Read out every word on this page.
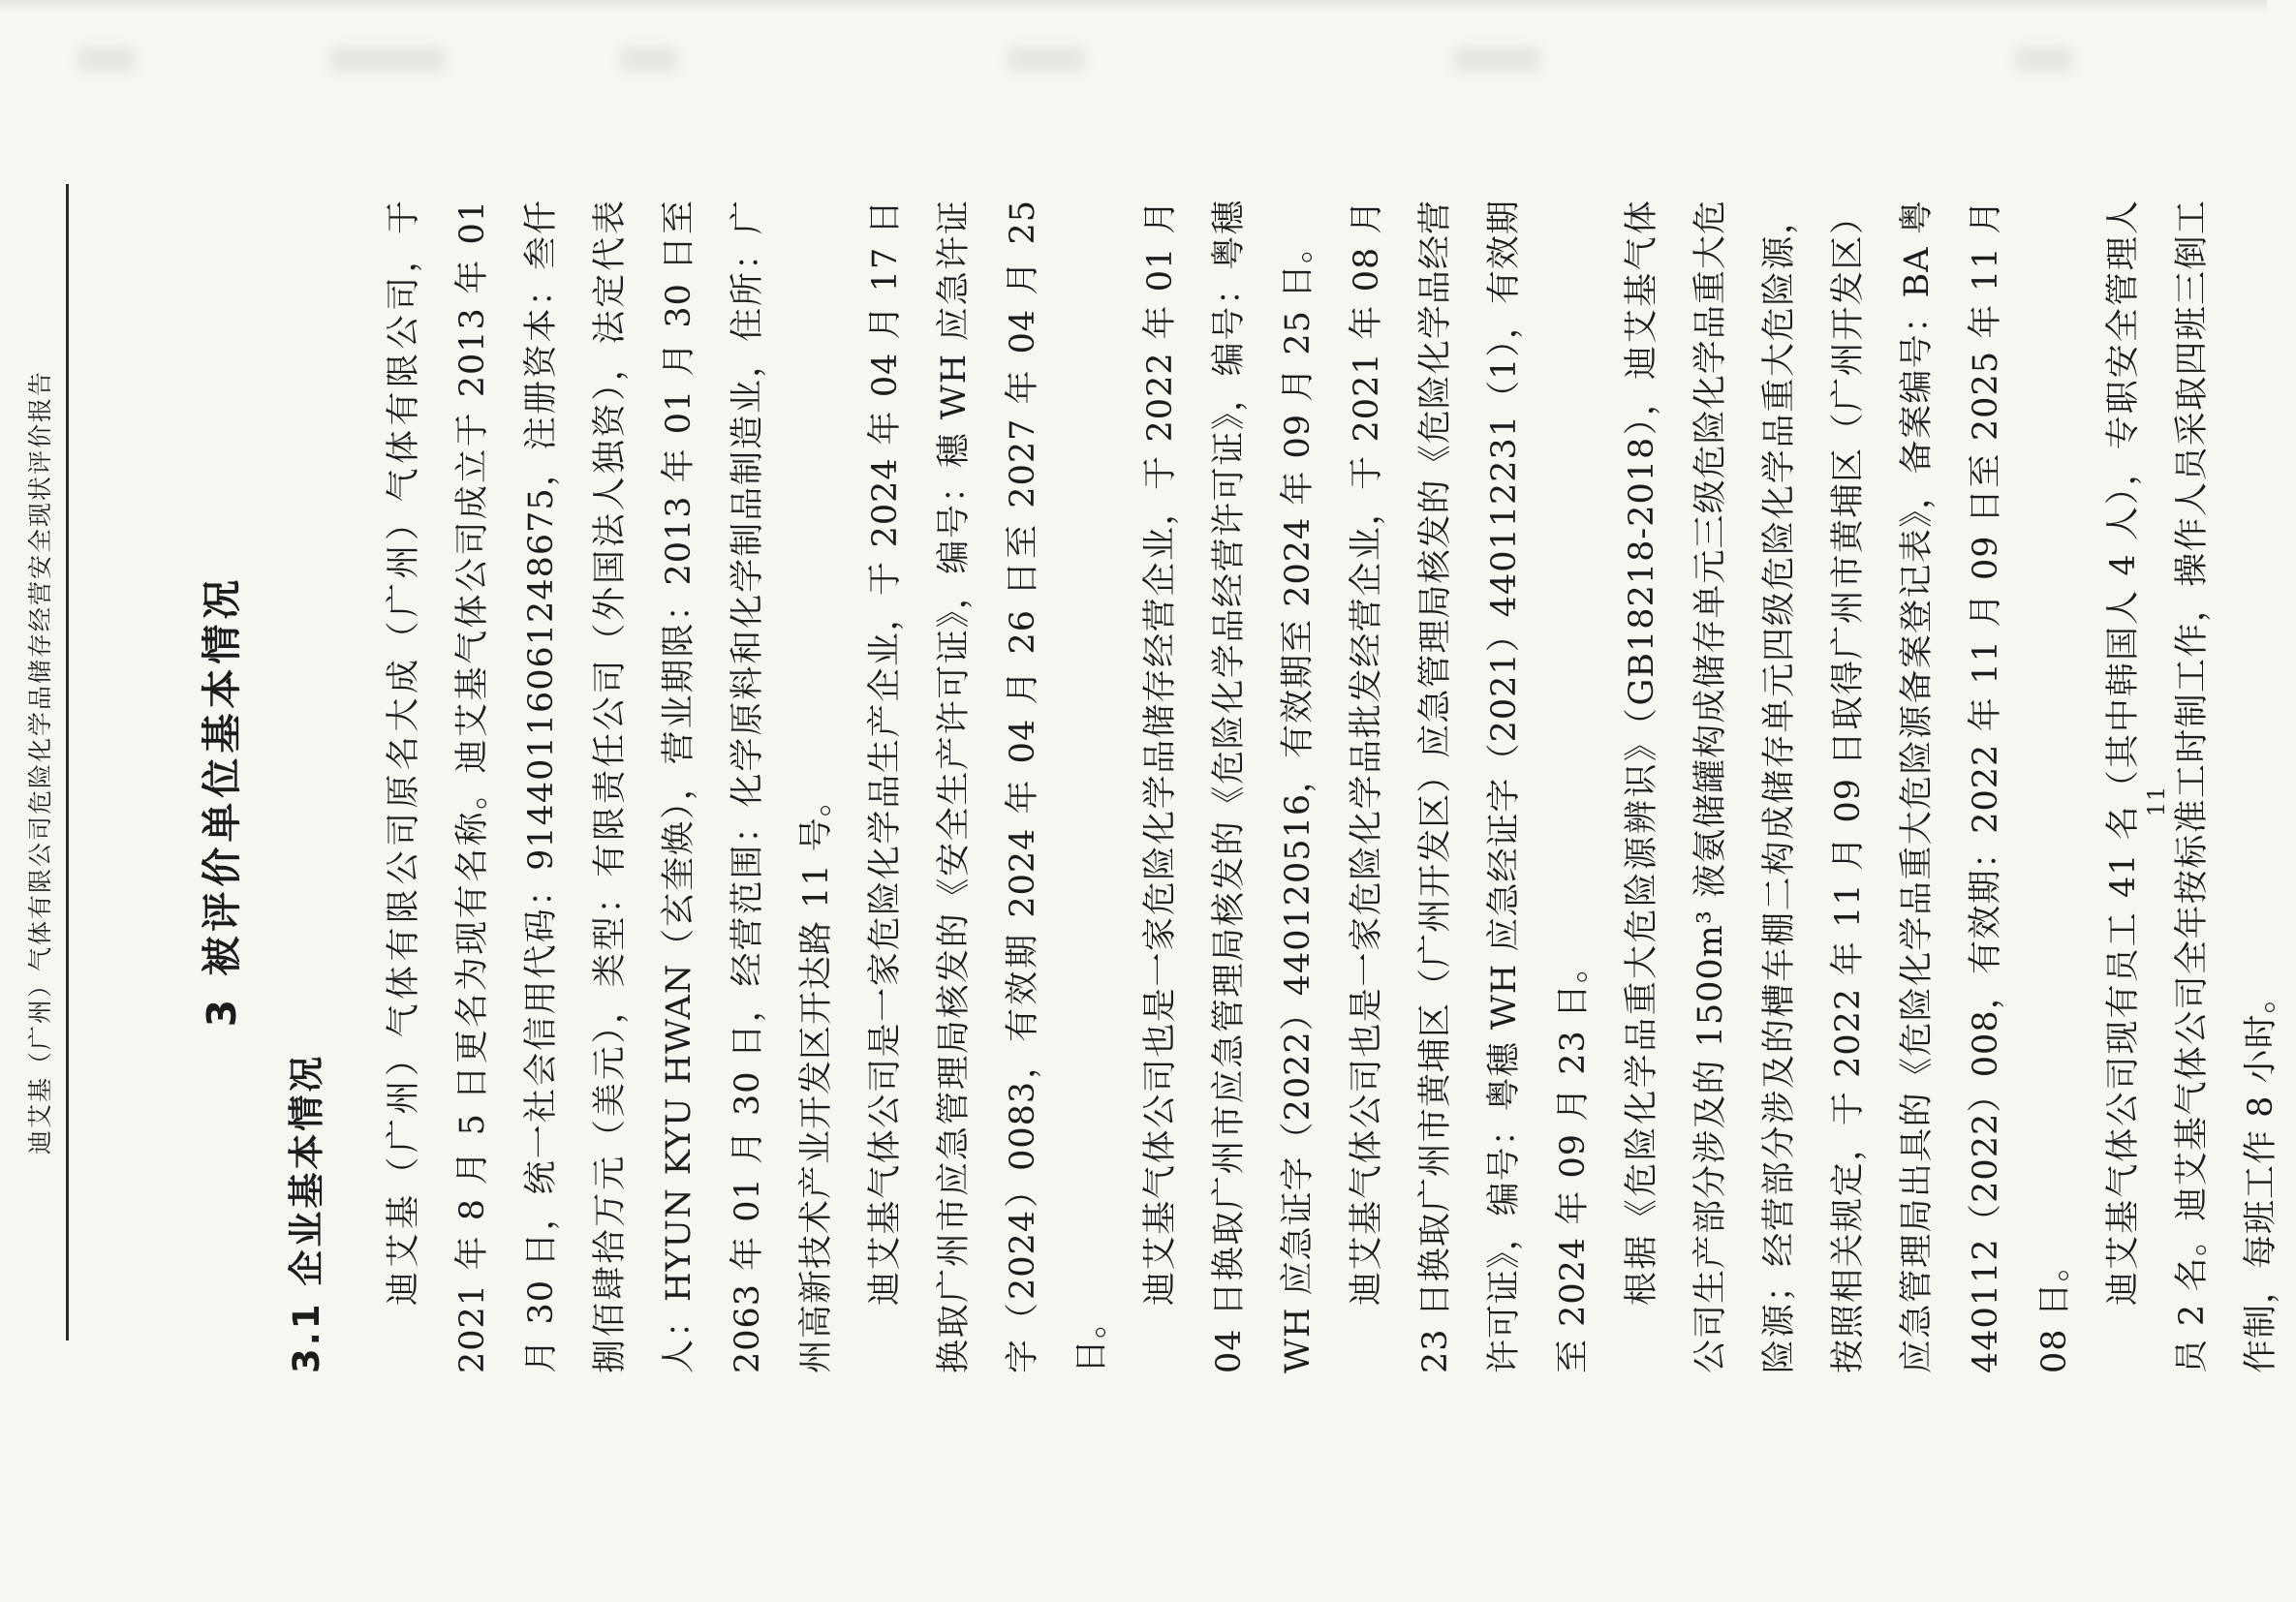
迪艾基（广州）气体有限公司危险化学品储存经营安全现状评价报告	3 被评价单位基本情况
3.1 企业基本情况	迪艾基（广州）气体有限公司原名大成（广州）气体有限公司，于 2021 年 8 月 5 日更名为现有名称。迪艾基气体公司成立于 2013 年 01 月 30 日，统一社会信用代码：91440116061248675，注册资本：叁仟捌佰肆拾万元（美元），类型：有限责任公司（外国法人独资），法定代表人：HYUN KYU HWAN（玄奎焕），营业期限：2013 年 01 月 30 日至 2063 年 01 月 30 日，经营范围：化学原料和化学制品制造业，住所：广州高新技术产业开发区开达路 11 号。 迪艾基气体公司是一家危险化学品生产企业，于 2024 年 04 月 17 日换取广州市应急管理局核发的《安全生产许可证》，编号：穗 WH 应急许证字（2024）0083，有效期 2024 年 04 月 26 日至 2027 年 04 月 25 日。

迪艾基气体公司也是一家危险化学品储存经营企业，于 2022 年 01 月 04 日换取广州市应急管理局核发的《危险化学品经营许可证》，编号：粤穗 WH 应急证字（2022）440120516，有效期至 2024 年 09 月 25 日。 迪艾基气体公司也是一家危险化学品批发经营企业，于 2021 年 08 月 23 日换取广州市黄埔区（广州开发区）应急管理局核发的《危险化学品经营许可证》，编号：粤穗 WH 应急经证字（2021）440112231（1），有效期至 2024 年 09 月 23 日。 根据《危险化学品重大危险源辨识》（GB18218-2018），迪艾基气体公司生产部分涉及的 1500m³ 液氨储罐构成储存单元三级危险化学品重大危险源；经营部分涉及的槽车棚二构成储存单元四级危险化学品重大危险源，按照相关规定，于 2022 年 11 月 09 日取得广州市黄埔区（广州开发区）应急管理局出具的《危险化学品重大危险源备案登记表》，备案编号：BA 粤 440112（2022）008，有效期：2022 年 11 月 09 日至 2025 年 11 月 08 日。

迪艾基气体公司现有员工 41 名（其中韩国人 4 人），专职安全管理人员 2 名。迪艾基气体公司全年按标准工时制工作，操作人员采取四班三倒工作制，每班工作 8 小时。

11
